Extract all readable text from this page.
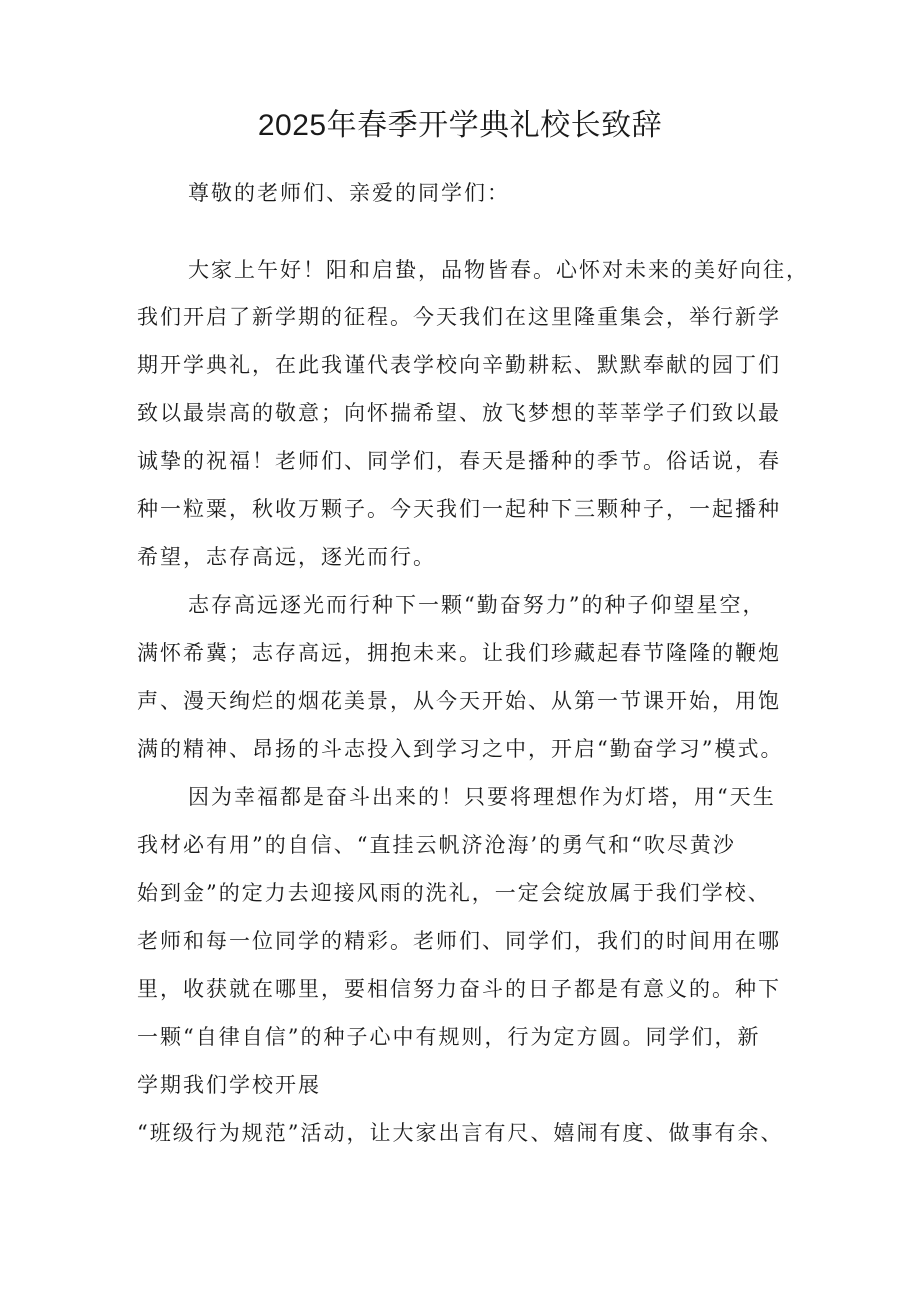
2025年春季开学典礼校长致辞

尊敬的老师们、亲爱的同学们：

大家上午好！阳和启蛰，品物皆春。心怀对未来的美好向往，

我们开启了新学期的征程。今天我们在这里隆重集会，举行新学

期开学典礼，在此我谨代表学校向辛勤耕耘、默默奉献的园丁们

致以最崇高的敬意；向怀揣希望、放飞梦想的莘莘学子们致以最

诚挚的祝福！老师们、同学们，春天是播种的季节。俗话说，春

种一粒粟，秋收万颗子。今天我们一起种下三颗种子，一起播种

希望，志存高远，逐光而行。

志存高远逐光而行种下一颗“勤奋努力”的种子仰望星空，

满怀希冀；志存高远，拥抱未来。让我们珍藏起春节隆隆的鞭炮

声、漫天绚烂的烟花美景，从今天开始、从第一节课开始，用饱

满的精神、昂扬的斗志投入到学习之中，开启“勤奋学习”模式。

因为幸福都是奋斗出来的！只要将理想作为灯塔，用“天生

我材必有用”的自信、“直挂云帆济沧海’的勇气和“吹尽黄沙

始到金”的定力去迎接风雨的洗礼，一定会绽放属于我们学校、

老师和每一位同学的精彩。老师们、同学们，我们的时间用在哪

里，收获就在哪里，要相信努力奋斗的日子都是有意义的。种下

一颗“自律自信”的种子心中有规则，行为定方圆。同学们，新

学期我们学校开展

“班级行为规范”活动，让大家出言有尺、嬉闹有度、做事有余、
